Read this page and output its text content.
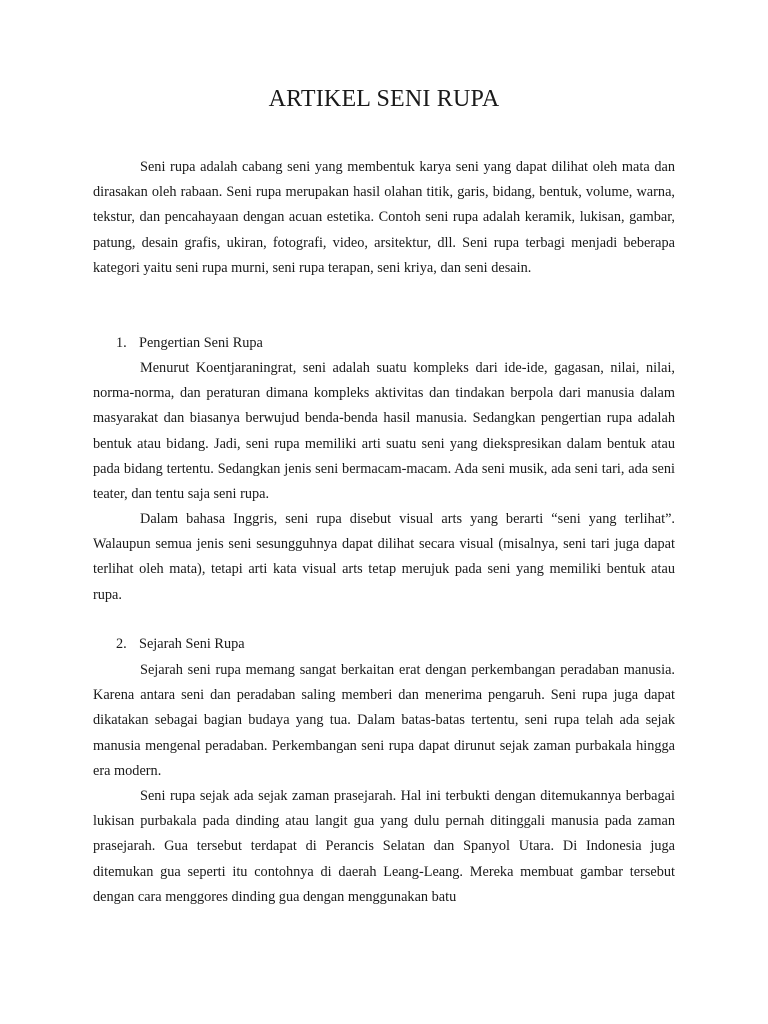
ARTIKEL SENI RUPA

Seni rupa adalah cabang seni yang membentuk karya seni yang dapat dilihat oleh mata dan dirasakan oleh rabaan. Seni rupa merupakan hasil olahan titik, garis, bidang, bentuk, volume, warna, tekstur, dan pencahayaan dengan acuan estetika. Contoh seni rupa adalah keramik, lukisan, gambar, patung, desain grafis, ukiran, fotografi, video, arsitektur, dll. Seni rupa terbagi menjadi beberapa kategori yaitu seni rupa murni, seni rupa terapan, seni kriya, dan seni desain.

1. Pengertian Seni Rupa

Menurut Koentjaraningrat, seni adalah suatu kompleks dari ide-ide, gagasan, nilai, nilai, norma-norma, dan peraturan dimana kompleks aktivitas dan tindakan berpola dari manusia dalam masyarakat dan biasanya berwujud benda-benda hasil manusia. Sedangkan pengertian rupa adalah bentuk atau bidang. Jadi, seni rupa memiliki arti suatu seni yang diekspresikan dalam bentuk atau pada bidang tertentu. Sedangkan jenis seni bermacam-macam. Ada seni musik, ada seni tari, ada seni teater, dan tentu saja seni rupa.

Dalam bahasa Inggris, seni rupa disebut visual arts yang berarti “seni yang terlihat”. Walaupun semua jenis seni sesungguhnya dapat dilihat secara visual (misalnya, seni tari juga dapat terlihat oleh mata), tetapi arti kata visual arts tetap merujuk pada seni yang memiliki bentuk atau rupa.

2. Sejarah Seni Rupa

Sejarah seni rupa memang sangat berkaitan erat dengan perkembangan peradaban manusia. Karena antara seni dan peradaban saling memberi dan menerima pengaruh. Seni rupa juga dapat dikatakan sebagai bagian budaya yang tua. Dalam batas-batas tertentu, seni rupa telah ada sejak manusia mengenal peradaban. Perkembangan seni rupa dapat dirunut sejak zaman purbakala hingga era modern.

Seni rupa sejak ada sejak zaman prasejarah. Hal ini terbukti dengan ditemukannya berbagai lukisan purbakala pada dinding atau langit gua yang dulu pernah ditinggali manusia pada zaman prasejarah. Gua tersebut terdapat di Perancis Selatan dan Spanyol Utara. Di Indonesia juga ditemukan gua seperti itu contohnya di daerah Leang-Leang. Mereka membuat gambar tersebut dengan cara menggores dinding gua dengan menggunakan batu
